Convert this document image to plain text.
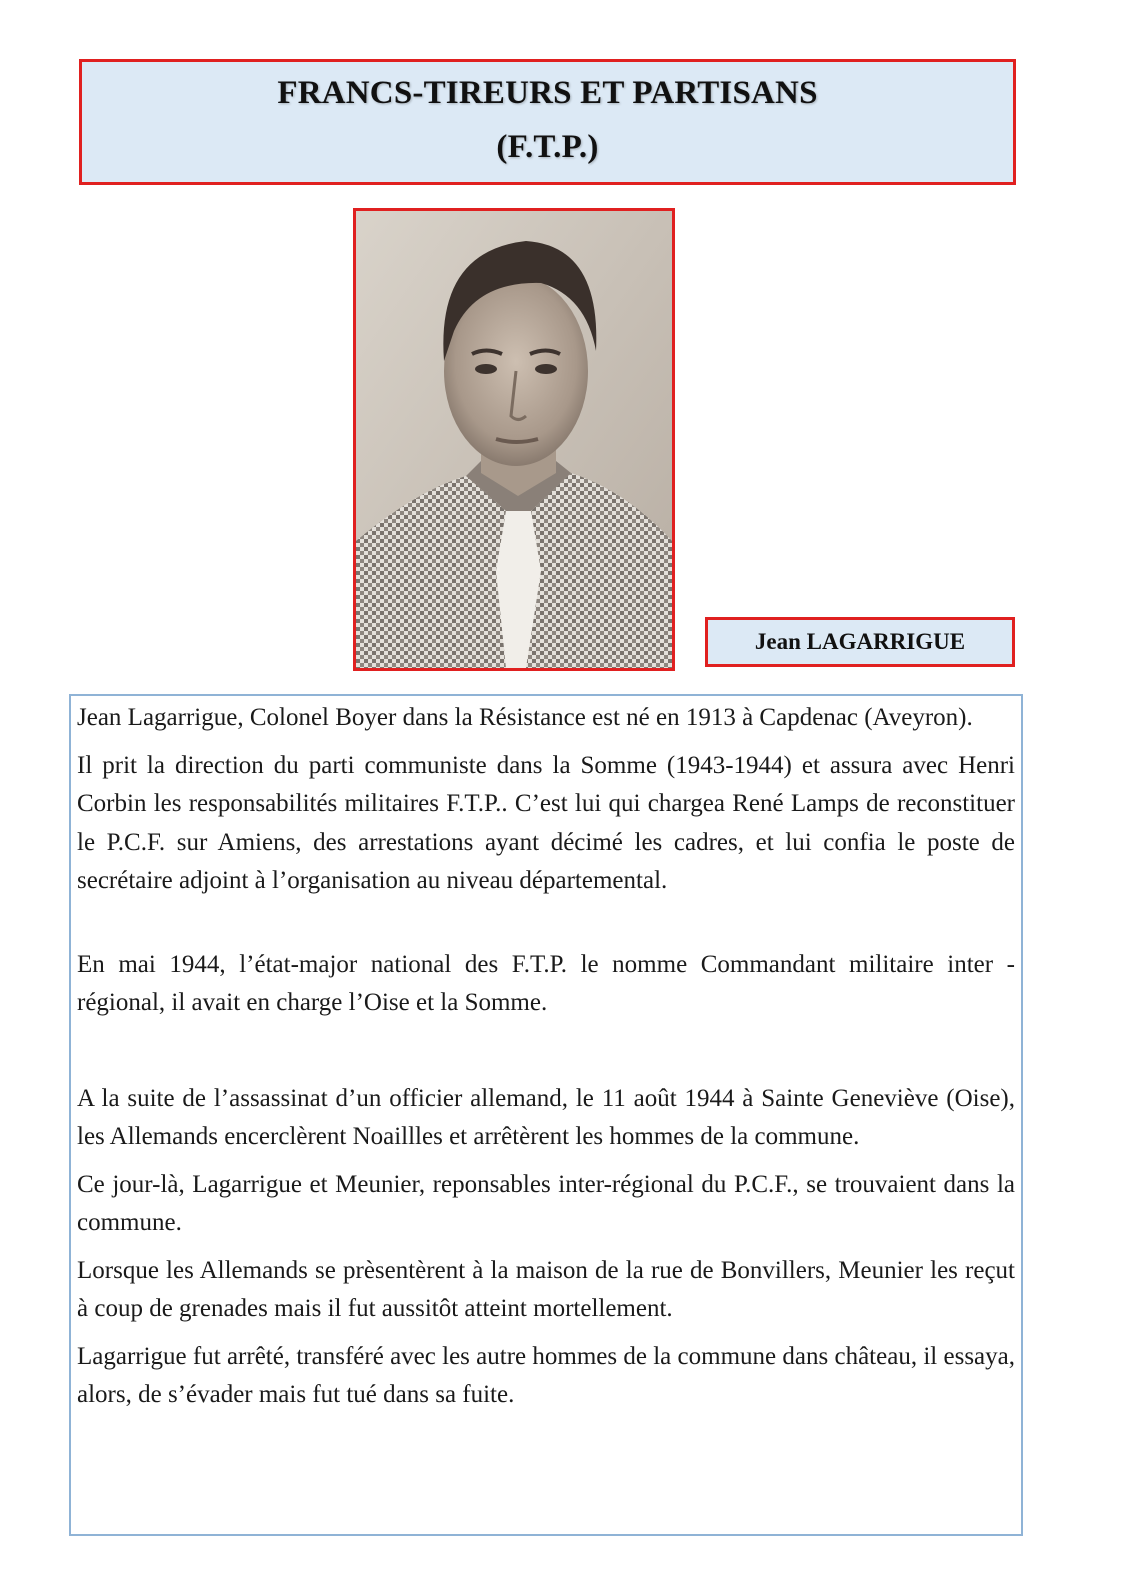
FRANCS-TIREURS ET PARTISANS
(F.T.P.)
Jean LAGARRIGUE

Jean Lagarrigue, Colonel Boyer dans la Résistance est né en 1913 à Capdenac (Aveyron).

Il prit la direction du parti communiste dans la Somme (1943-1944) et assura avec Henri Corbin les responsabilités militaires F.T.P.. C’est lui qui chargea René Lamps de reconstituer le P.C.F. sur Amiens, des arrestations ayant décimé les cadres, et lui confia le poste de secrétaire adjoint à l’organisation au niveau départemental.

En mai 1944, l’état-major national des F.T.P. le nomme Commandant militaire inter -régional, il avait en charge l’Oise et la Somme.

A la suite de l’assassinat d’un officier allemand, le 11 août 1944 à Sainte Geneviève (Oise), les Allemands encerclèrent Noaillles et arrêtèrent les hommes de la commune.

Ce jour-là, Lagarrigue et Meunier, reponsables inter-régional du P.C.F., se trouvaient dans la commune.

Lorsque les Allemands se prèsentèrent à la maison de la rue de Bonvillers, Meunier les reçut à coup de grenades mais il fut aussitôt atteint mortellement.

Lagarrigue fut arrêté, transféré avec les autre hommes de la commune dans château, il essaya, alors, de s’évader mais fut tué dans sa fuite.
